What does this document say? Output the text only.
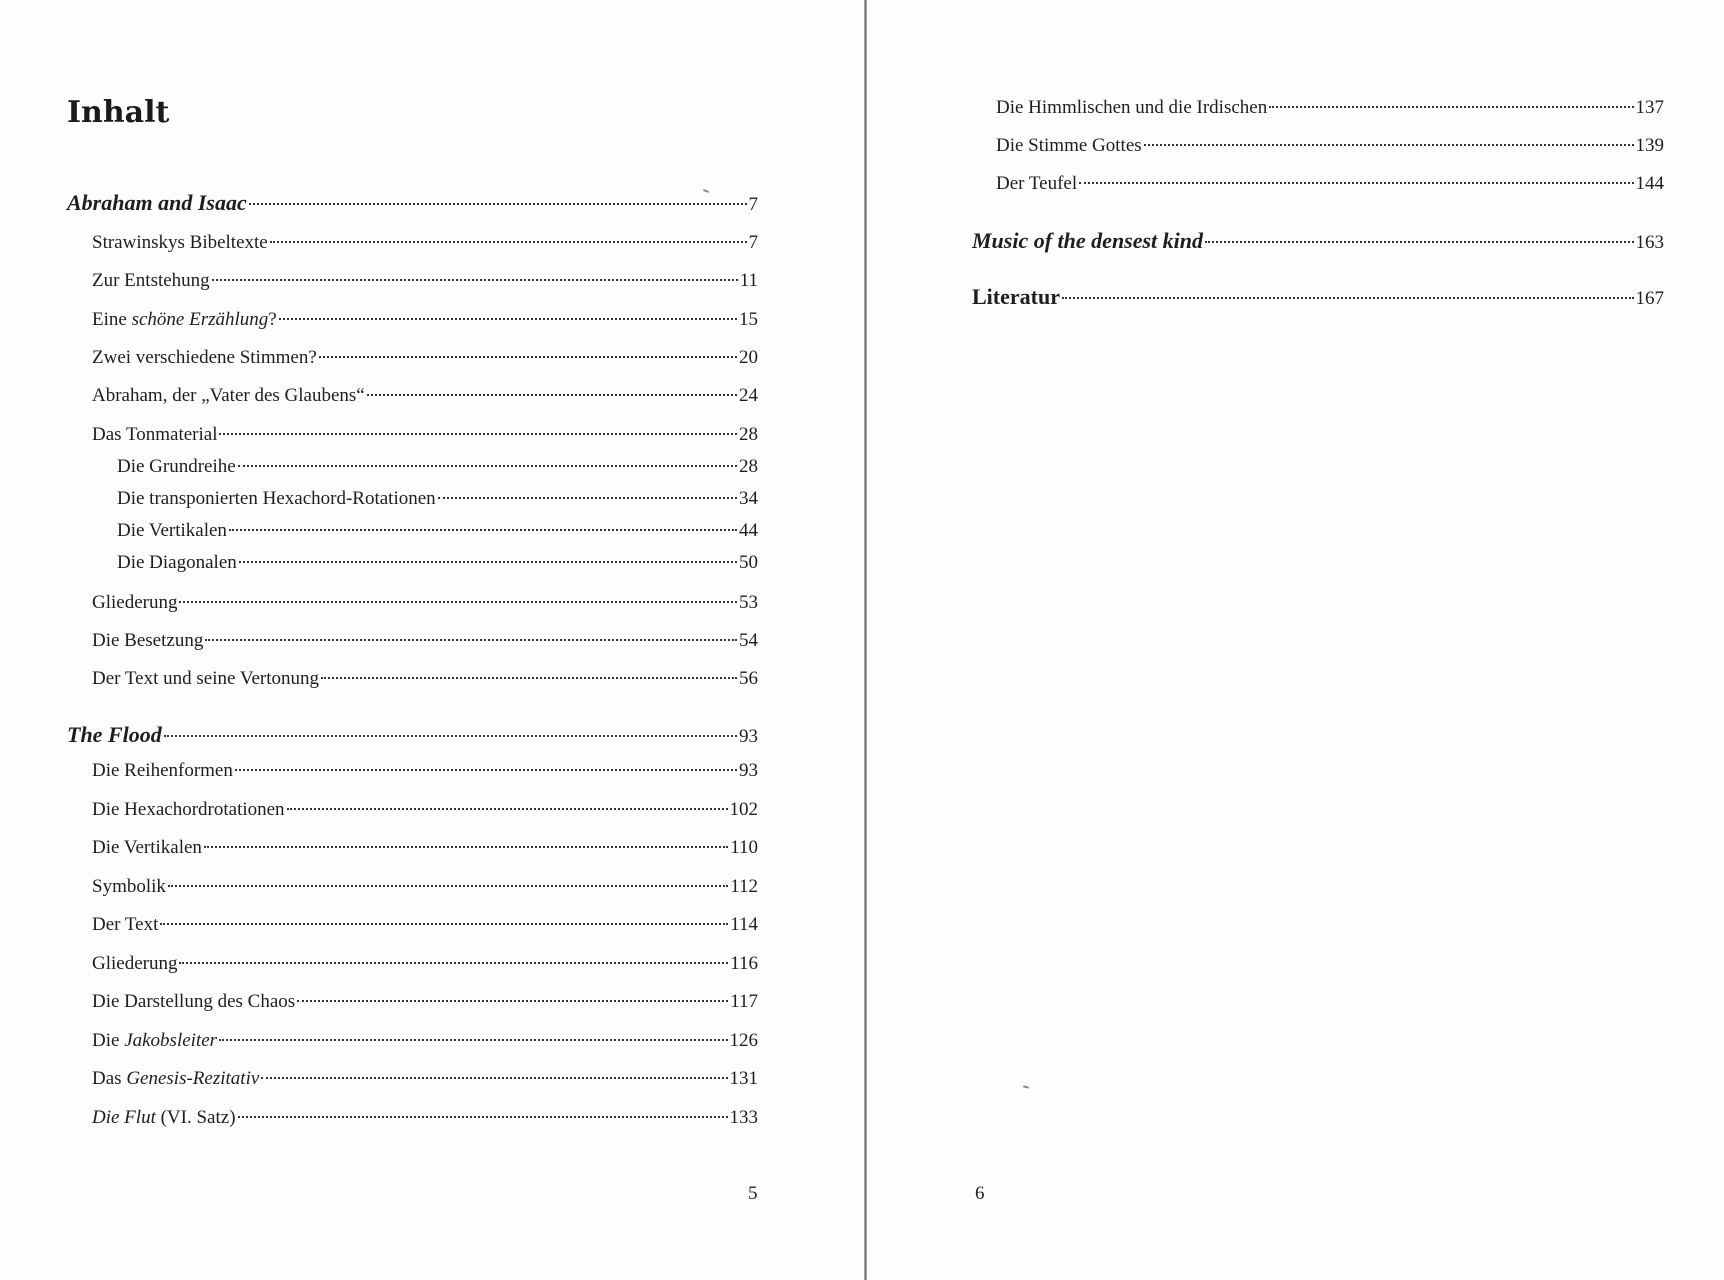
Inhalt
Abraham and Isaac	7
Strawinskys Bibeltexte	7
Zur Entstehung	11
Eine schöne Erzählung?	15
Zwei verschiedene Stimmen?	20
Abraham, der „Vater des Glaubens“	24
Das Tonmaterial	28
Die Grundreihe	28
Die transponierten Hexachord-Rotationen	34
Die Vertikalen	44
Die Diagonalen	50
Gliederung	53
Die Besetzung	54
Der Text und seine Vertonung	56
The Flood	93
Die Reihenformen	93
Die Hexachordrotationen	102
Die Vertikalen	110
Symbolik	112
Der Text	114
Gliederung	116
Die Darstellung des Chaos	117
Die Jakobsleiter	126
Das Genesis-Rezitativ	131
Die Flut (VI. Satz)	133
5
Die Himmlischen und die Irdischen	137
Die Stimme Gottes	139
Der Teufel	144
Music of the densest kind	163
Literatur	167
6
